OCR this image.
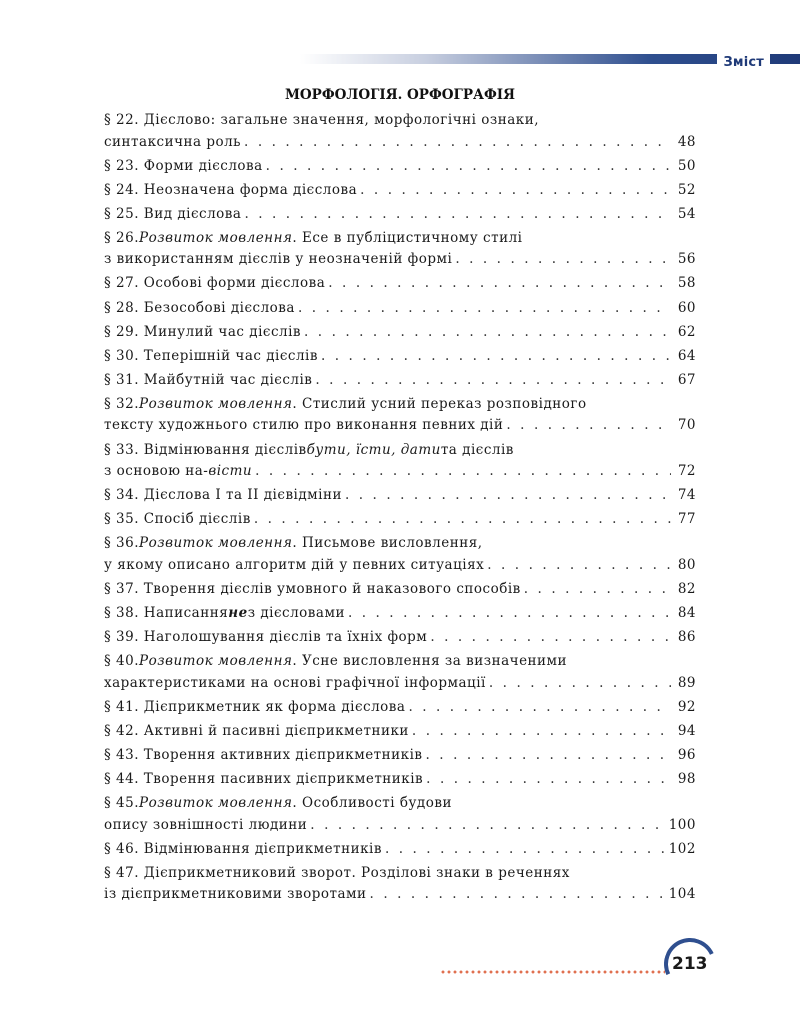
Зміст
МОРФОЛОГІЯ. ОРФОГРАФІЯ
§ 22. Дієслово: загальне значення, морфологічні ознаки,
синтаксична роль . . .	48
§ 23. Форми дієслова . . .	50
§ 24. Неозначена форма дієслова . . .	52
§ 25. Вид дієслова . . .	54
§ 26. Розвиток мовлення . Есе в публіцистичному стилі
з використанням дієслів у неозначеній формі . . .	56
§ 27. Особові форми дієслова . . .	58
§ 28. Безособові дієслова . . .	60
§ 29. Минулий час дієслів . . .	62
§ 30. Теперішній час дієслів . . .	64
§ 31. Майбутній час дієслів . . .	67
§ 32. Розвиток мовлення . Стислий усний переказ розповідного
тексту художнього стилю про виконання певних дій . . .	70
§ 33. Відмінювання дієслів бути, їсти, дати та дієслів
з основою на -вісти . . .	72
§ 34. Дієслова І та ІІ дієвідміни . . .	74
§ 35. Спосіб дієслів . . .	77
§ 36. Розвиток мовлення . Письмове висловлення,
у якому описано алгоритм дій у певних ситуаціях . . .	80
§ 37. Творення дієслів умовного й наказового способів . . .	82
§ 38. Написання не з дієсловами . . .	84
§ 39. Наголошування дієслів та їхніх форм . . .	86
§ 40. Розвиток мовлення . Усне висловлення за визначеними
характеристиками на основі графічної інформації . . .	89
§ 41. Дієприкметник як форма дієслова . . .	92
§ 42. Активні й пасивні дієприкметники . . .	94
§ 43. Творення активних дієприкметників . . .	96
§ 44. Творення пасивних дієприкметників . . .	98
§ 45. Розвиток мовлення . Особливості будови
опису зовнішності людини . . .	100
§ 46. Відмінювання дієприкметників . . .	102
§ 47. Дієприкметниковий зворот. Розділові знаки в реченнях
із дієприкметниковими зворотами . . .	104
213
